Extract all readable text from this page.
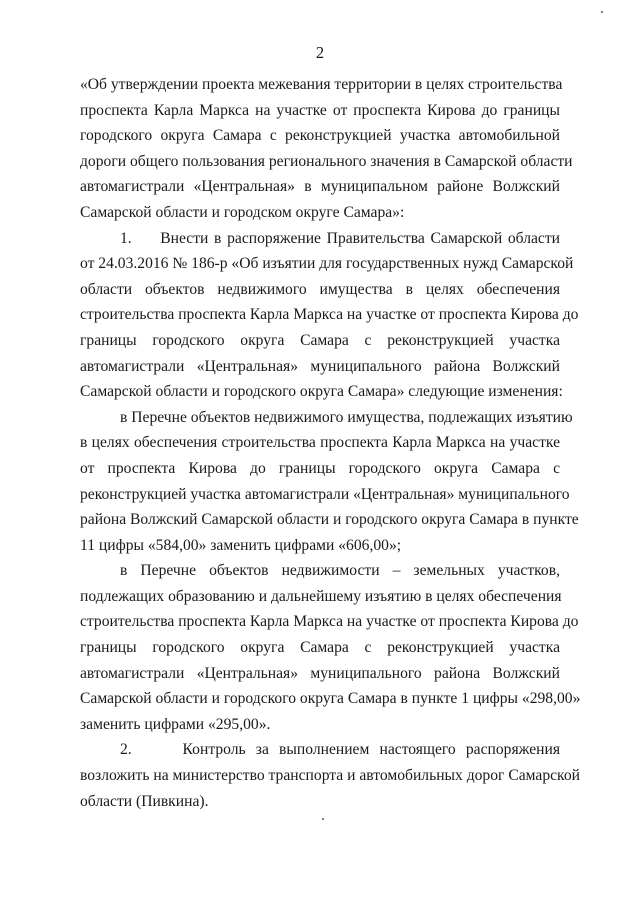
2
«Об утверждении проекта межевания территории в целях строительства
проспекта Карла Маркса на участке от проспекта Кирова до границы
городского округа Самара с реконструкцией участка автомобильной
дороги общего пользования регионального значения в Самарской области
автомагистрали «Центральная» в муниципальном районе Волжский
Самарской области и городском округе Самара»:
1.     Внести в распоряжение Правительства Самарской области
от 24.03.2016 № 186-р «Об изъятии для государственных нужд Самарской
области объектов недвижимого имущества в целях обеспечения
строительства проспекта Карла Маркса на участке от проспекта Кирова до
границы городского округа Самара с реконструкцией участка
автомагистрали «Центральная» муниципального района Волжский
Самарской области и городского округа Самара» следующие изменения:
в Перечне объектов недвижимого имущества, подлежащих изъятию
в целях обеспечения строительства проспекта Карла Маркса на участке
от проспекта Кирова до границы городского округа Самара с
реконструкцией участка автомагистрали «Центральная» муниципального
района Волжский Самарской области и городского округа Самара в пункте
11 цифры «584,00» заменить цифрами «606,00»;
в Перечне объектов недвижимости – земельных участков,
подлежащих образованию и дальнейшему изъятию в целях обеспечения
строительства проспекта Карла Маркса на участке от проспекта Кирова до
границы городского округа Самара с реконструкцией участка
автомагистрали «Центральная» муниципального района Волжский
Самарской области и городского округа Самара в пункте 1 цифры «298,00»
заменить цифрами «295,00».
2.     Контроль за выполнением настоящего распоряжения
возложить на министерство транспорта и автомобильных дорог Самарской
области (Пивкина).
